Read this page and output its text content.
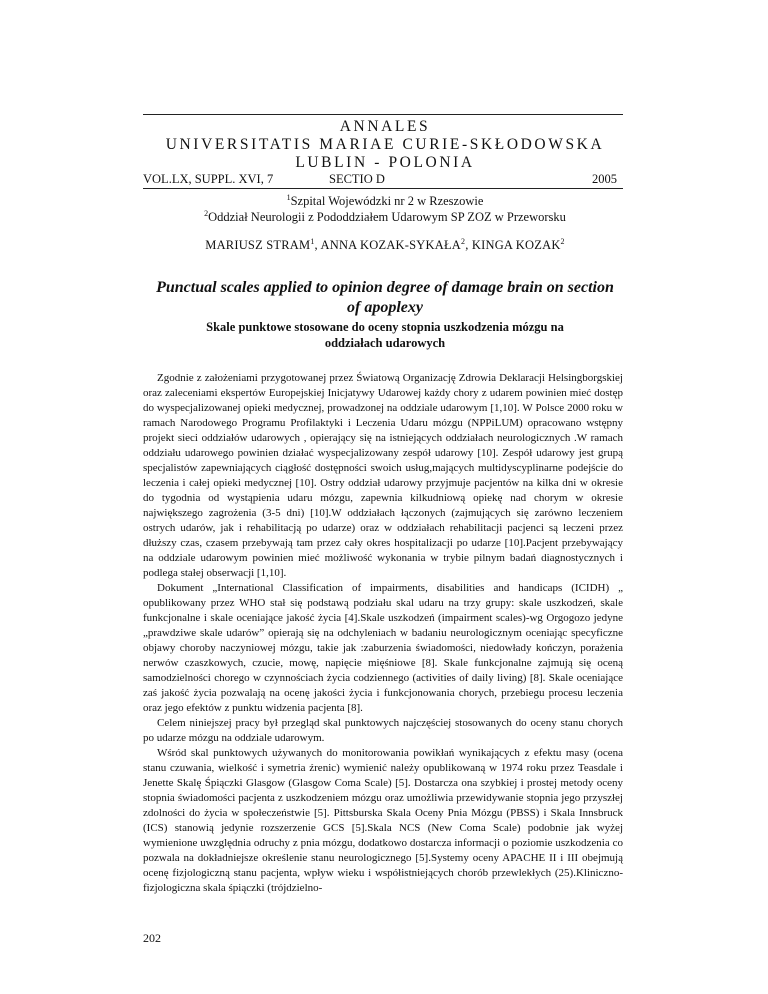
ANNALES
UNIVERSITATIS MARIAE CURIE-SKŁODOWSKA
LUBLIN - POLONIA
VOL.LX, SUPPL. XVI, 7	SECTIO D	2005
$^1$Szpital Wojewódzki nr 2 w Rzeszowie
$^2$Oddział Neurologii z Pododdziałem Udarowym SP ZOZ w Przeworsku
MARIUSZ STRAM$^1$, ANNA KOZAK-SYKAŁA$^2$, KINGA KOZAK$^2$
Punctual scales applied to opinion degree of damage brain on section of apoplexy
Skale punktowe stosowane do oceny stopnia uszkodzenia mózgu na oddziałach udarowych

Zgodnie z założeniami przygotowanej przez Światową Organizację Zdrowia Deklaracji Helsingborgskiej oraz zaleceniami ekspertów Europejskiej Inicjatywy Udarowej każdy chory z udarem powinien mieć dostęp do wyspecjalizowanej opieki medycznej, prowadzonej na oddziale udarowym [1,10]. W Polsce 2000 roku w ramach Narodowego Programu Profilaktyki i Leczenia Udaru mózgu (NPPiLUM) opracowano wstępny projekt sieci oddziałów udarowych , opierający się na istniejących oddziałach neurologicznych .W ramach oddziału udarowego powinien działać wyspecjalizowany zespół udarowy [10]. Zespół udarowy jest grupą specjalistów zapewniających ciągłość dostępności swoich usług,mających multidyscyplinarne podejście do leczenia i całej opieki medycznej [10]. Ostry oddział udarowy przyjmuje pacjentów na kilka dni w okresie do tygodnia od wystąpienia udaru mózgu, zapewnia kilkudniową opiekę nad chorym w okresie największego zagrożenia (3-5 dni) [10].W oddziałach łączonych (zajmujących się zarówno leczeniem ostrych udarów, jak i rehabilitacją po udarze) oraz w oddziałach rehabilitacji pacjenci są leczeni przez dłuższy czas, czasem przebywają tam przez cały okres hospitalizacji po udarze [10].Pacjent przebywający na oddziale udarowym powinien mieć możliwość wykonania w trybie pilnym badań diagnostycznych i podlega stałej obserwacji [1,10].

Dokument „International Classification of impairments, disabilities and handicaps (ICIDH) „ opublikowany przez WHO stał się podstawą podziału skal udaru na trzy grupy: skale uszkodzeń, skale funkcjonalne i skale oceniające jakość życia [4].Skale uszkodzeń (impairment scales)-wg Orgogozo jedyne „prawdziwe skale udarów” opierają się na odchyleniach w badaniu neurologicznym oceniając specyficzne objawy choroby naczyniowej mózgu, takie jak :zaburzenia świadomości, niedowłady kończyn, porażenia nerwów czaszkowych, czucie, mowę, napięcie mięśniowe [8]. Skale funkcjonalne zajmują się oceną samodzielności chorego w czynnościach życia codziennego (activities of daily living) [8]. Skale oceniające zaś jakość życia pozwalają na ocenę jakości życia i funkcjonowania chorych, przebiegu procesu leczenia oraz jego efektów z punktu widzenia pacjenta [8].

Celem niniejszej pracy był przegląd skal punktowych najczęściej stosowanych do oceny stanu chorych po udarze mózgu na oddziale udarowym.

Wśród skal punktowych używanych do monitorowania powikłań wynikających z efektu masy (ocena stanu czuwania, wielkość i symetria źrenic) wymienić należy opublikowaną w 1974 roku przez Teasdale i Jenette Skalę Śpiączki Glasgow (Glasgow Coma Scale) [5]. Dostarcza ona szybkiej i prostej metody oceny stopnia świadomości pacjenta z uszkodzeniem mózgu oraz umożliwia przewidywanie stopnia jego przyszłej zdolności do życia w społeczeństwie [5]. Pittsburska Skala Oceny Pnia Mózgu (PBSS) i Skala Innsbruck (ICS) stanowią jedynie rozszerzenie GCS [5].Skala NCS (New Coma Scale) podobnie jak wyżej wymienione uwzględnia odruchy z pnia mózgu, dodatkowo dostarcza informacji o poziomie uszkodzenia co pozwala na dokładniejsze określenie stanu neurologicznego [5].Systemy oceny APACHE II i III obejmują ocenę fizjologiczną stanu pacjenta, wpływ wieku i współistniejących chorób przewlekłych (25).Kliniczno-fizjologiczna skala śpiączki (trójdzielno-

202
